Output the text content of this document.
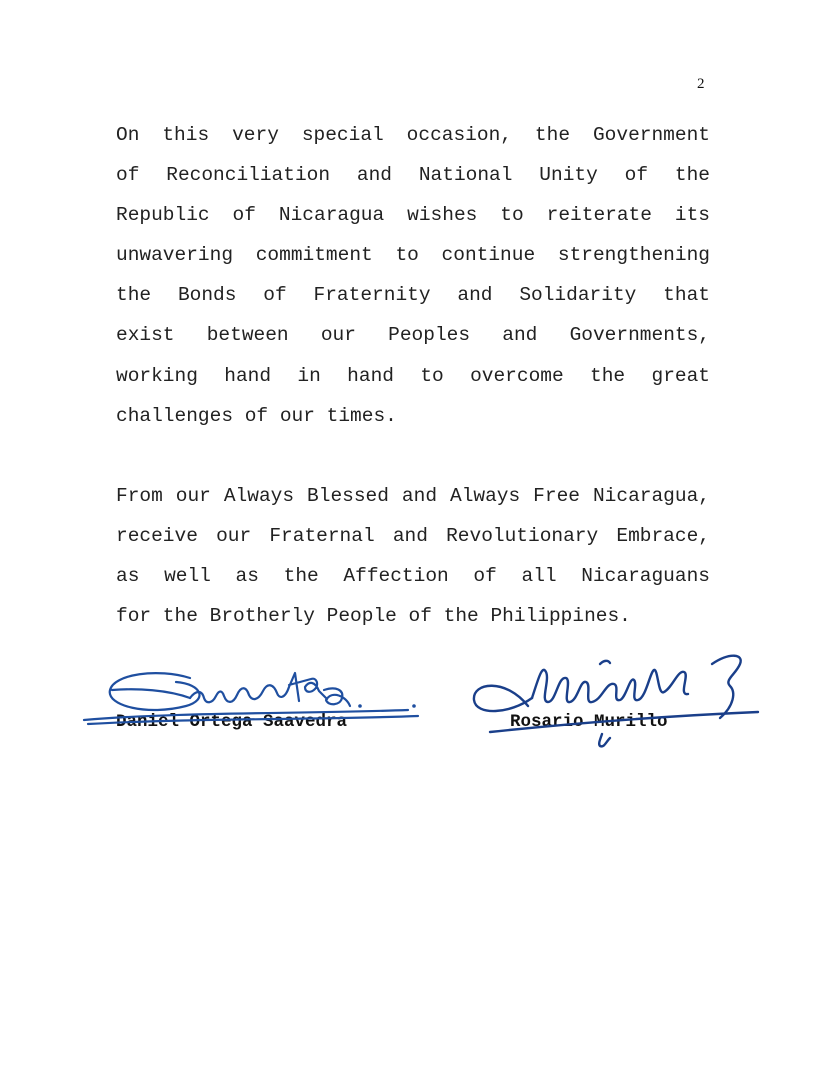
2

On this very special occasion, the Government

of Reconciliation and National Unity of the

Republic of Nicaragua wishes to reiterate its

unwavering commitment to continue strengthening

the Bonds of Fraternity and Solidarity that

exist between our Peoples and Governments,

working hand in hand to overcome the great

challenges of our times.

From our Always Blessed and Always Free Nicaragua,

receive our Fraternal and Revolutionary Embrace,

as well as the Affection of all Nicaraguans

for the Brotherly People of the Philippines.

Daniel Ortega Saavedra	Rosario Murillo
